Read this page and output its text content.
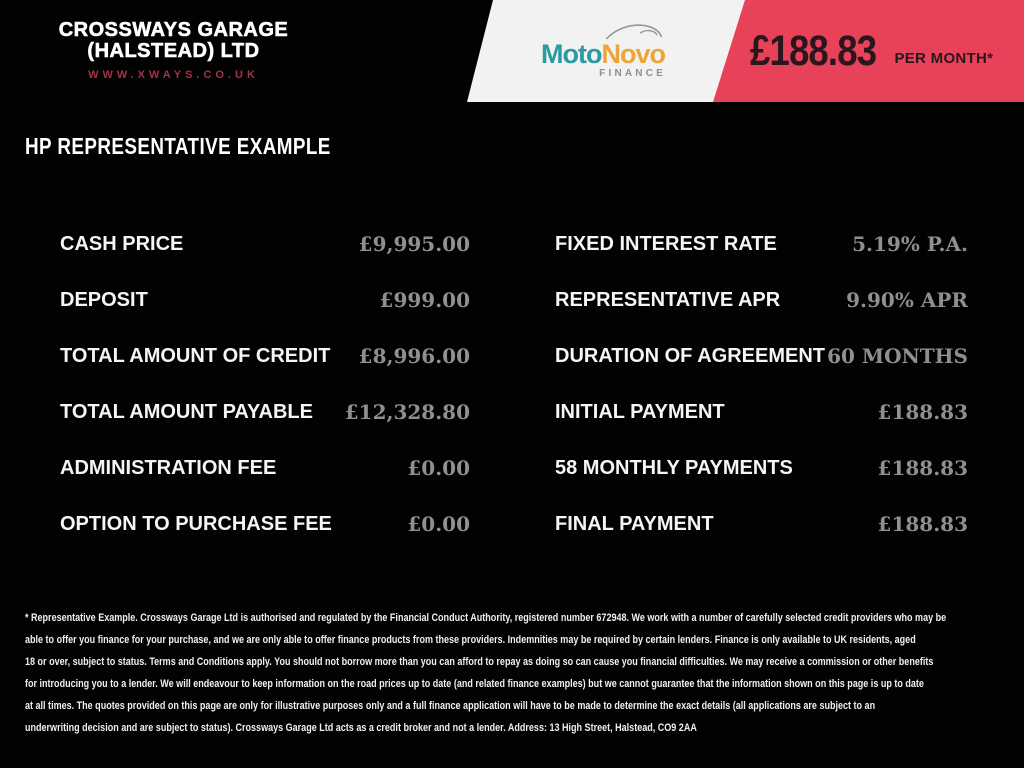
CROSSWAYS GARAGE
(HALSTEAD) LTD
WWW.XWAYS.CO.UK
MotoNovo
FINANCE £188.83 PER MONTH*
HP REPRESENTATIVE EXAMPLE
CASH PRICE	£9,995.00
DEPOSIT	£999.00
TOTAL AMOUNT OF CREDIT £8,996.00
TOTAL AMOUNT PAYABLE £12,328.80
ADMINISTRATION FEE	£0.00
OPTION TO PURCHASE FEE	£0.00
FIXED INTEREST RATE	5.19% P.A.
REPRESENTATIVE APR	9.90% APR
DURATION OF AGREEMENT 60 MONTHS
INITIAL PAYMENT	£188.83
58 MONTHLY PAYMENTS	£188.83
FINAL PAYMENT	£188.83
* Representative Example. Crossways Garage Ltd is authorised and regulated by the Financial Conduct Authority, registered number 672948. We work with a number of carefully selected credit providers who may be
able to offer you finance for your purchase, and we are only able to offer finance products from these providers. Indemnities may be required by certain lenders. Finance is only available to UK residents, aged
18 or over, subject to status. Terms and Conditions apply. You should not borrow more than you can afford to repay as doing so can cause you financial difficulties. We may receive a commission or other benefits
for introducing you to a lender. We will endeavour to keep information on the road prices up to date (and related finance examples) but we cannot guarantee that the information shown on this page is up to date
at all times. The quotes provided on this page are only for illustrative purposes only and a full finance application will have to be made to determine the exact details (all applications are subject to an
underwriting decision and are subject to status). Crossways Garage Ltd acts as a credit broker and not a lender. Address: 13 High Street, Halstead, CO9 2AA
